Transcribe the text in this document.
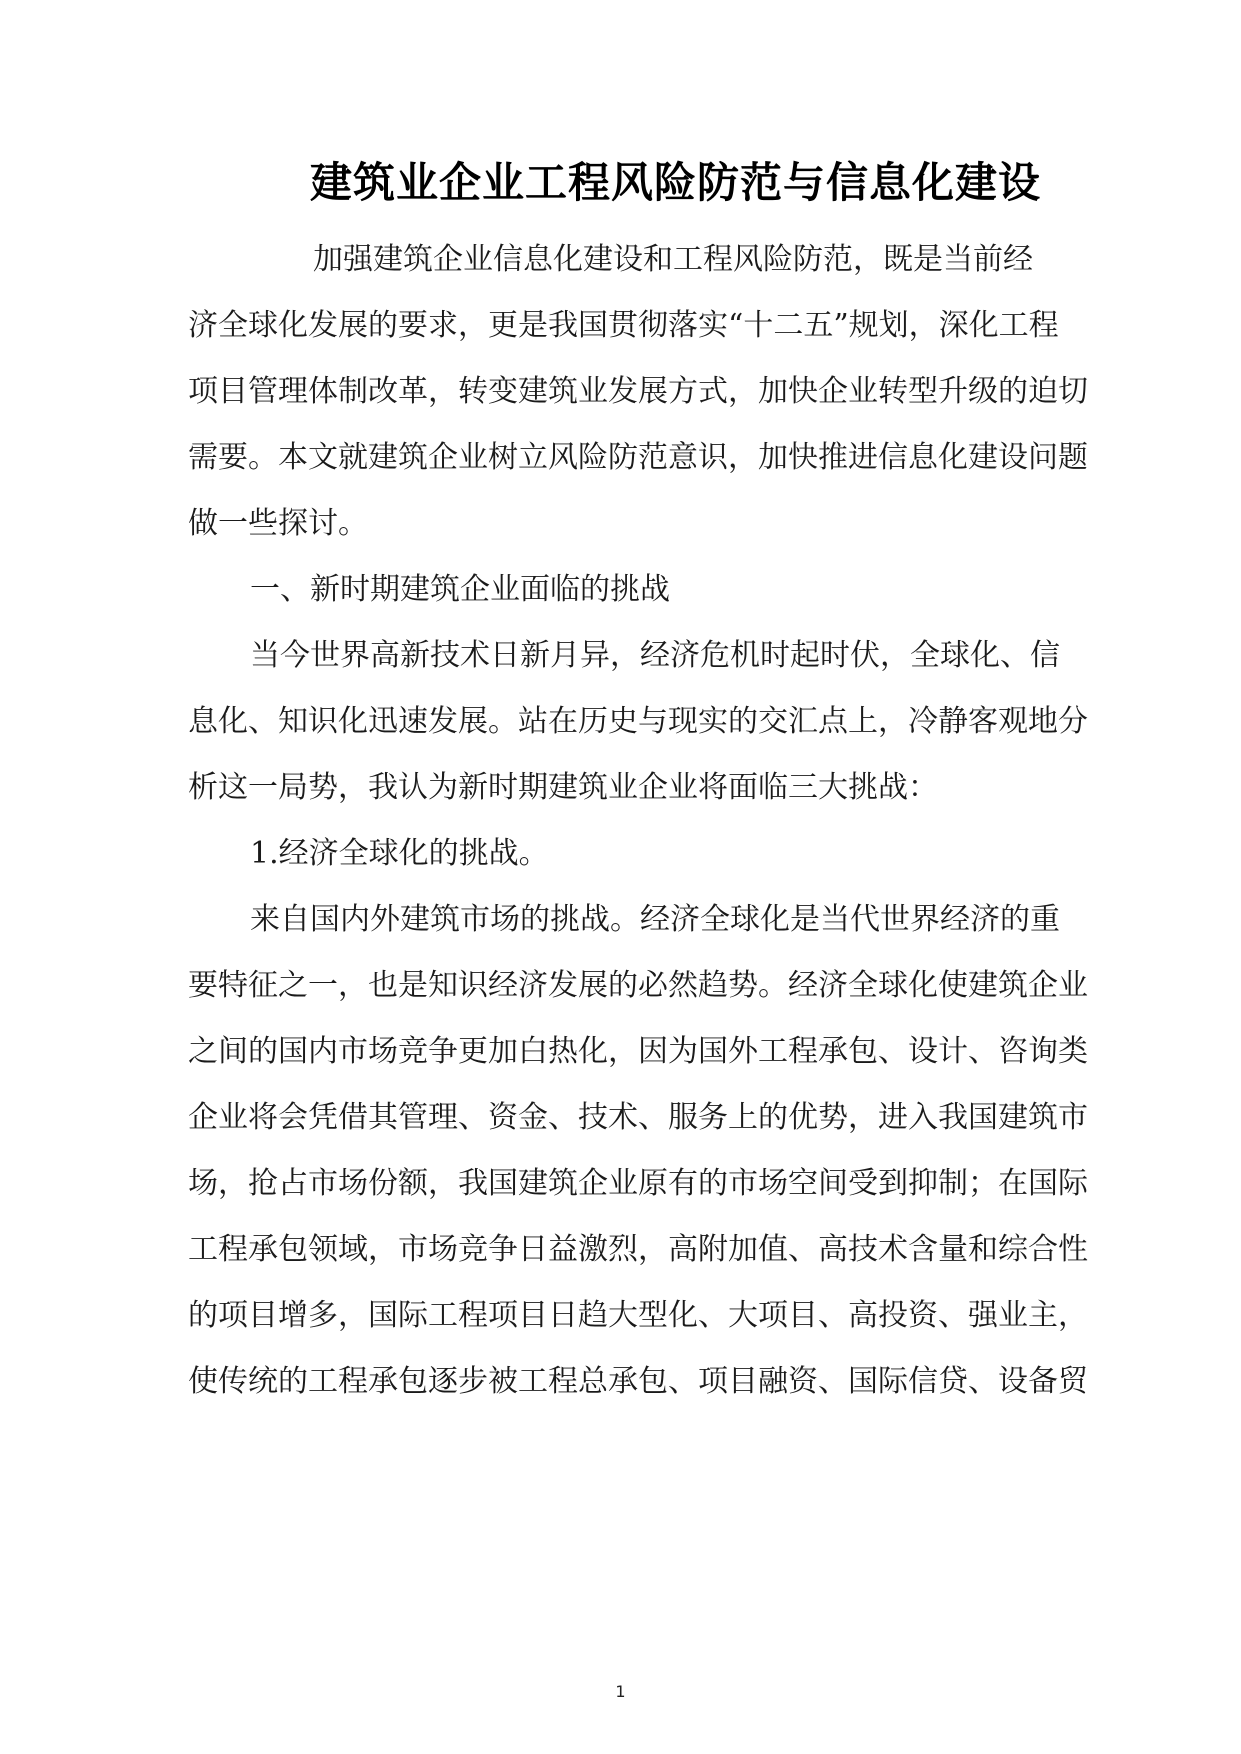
建筑业企业工程风险防范与信息化建设
加强建筑企业信息化建设和工程风险防范，既是当前经
济全球化发展的要求，更是我国贯彻落实“十二五”规划，深化工程
项目管理体制改革，转变建筑业发展方式，加快企业转型升级的迫切
需要。本文就建筑企业树立风险防范意识，加快推进信息化建设问题
做一些探讨。
一、新时期建筑企业面临的挑战
当今世界高新技术日新月异，经济危机时起时伏，全球化、信
息化、知识化迅速发展。站在历史与现实的交汇点上，冷静客观地分
析这一局势，我认为新时期建筑业企业将面临三大挑战：
1.经济全球化的挑战。
来自国内外建筑市场的挑战。经济全球化是当代世界经济的重
要特征之一，也是知识经济发展的必然趋势。经济全球化使建筑企业
之间的国内市场竞争更加白热化，因为国外工程承包、设计、咨询类
企业将会凭借其管理、资金、技术、服务上的优势，进入我国建筑市
场，抢占市场份额，我国建筑企业原有的市场空间受到抑制；在国际
工程承包领域，市场竞争日益激烈，高附加值、高技术含量和综合性
的项目增多，国际工程项目日趋大型化、大项目、高投资、强业主，
使传统的工程承包逐步被工程总承包、项目融资、国际信贷、设备贸
1
